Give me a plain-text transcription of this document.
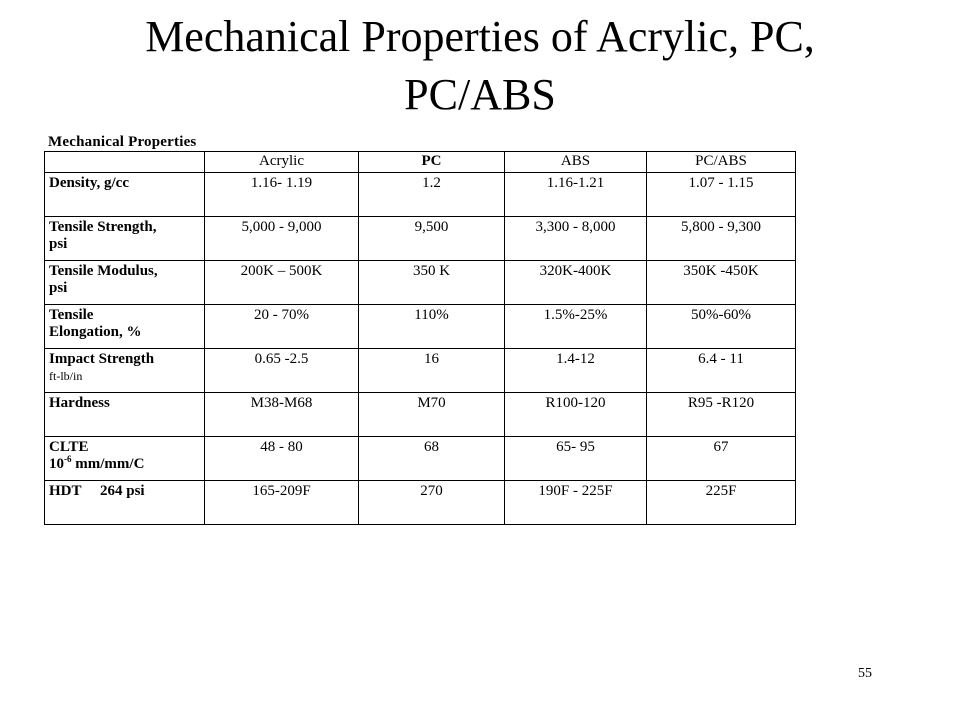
Mechanical Properties of Acrylic, PC,
PC/ABS
Mechanical Properties
	Acrylic	PC	ABS	PC/ABS
Density, g/cc	1.16- 1.19	1.2	1.16-1.21	1.07 - 1.15
Tensile Strength,
psi	5,000 - 9,000	9,500	3,300 - 8,000	5,800 - 9,300
Tensile Modulus,
psi	200K – 500K	350 K	320K-400K	350K -450K
Tensile
Elongation, %	20 - 70%	110%	1.5%-25%	50%-60%
Impact Strength
ft-lb/in	0.65 -2.5	16	1.4-12	6.4 - 11
Hardness	M38-M68	M70	R100-120	R95 -R120
CLTE
$10^{-6}$ mm/mm/C	48 - 80	68	65- 95	67
HDT     264 psi	165-209F	270	190F - 225F	225F
55
